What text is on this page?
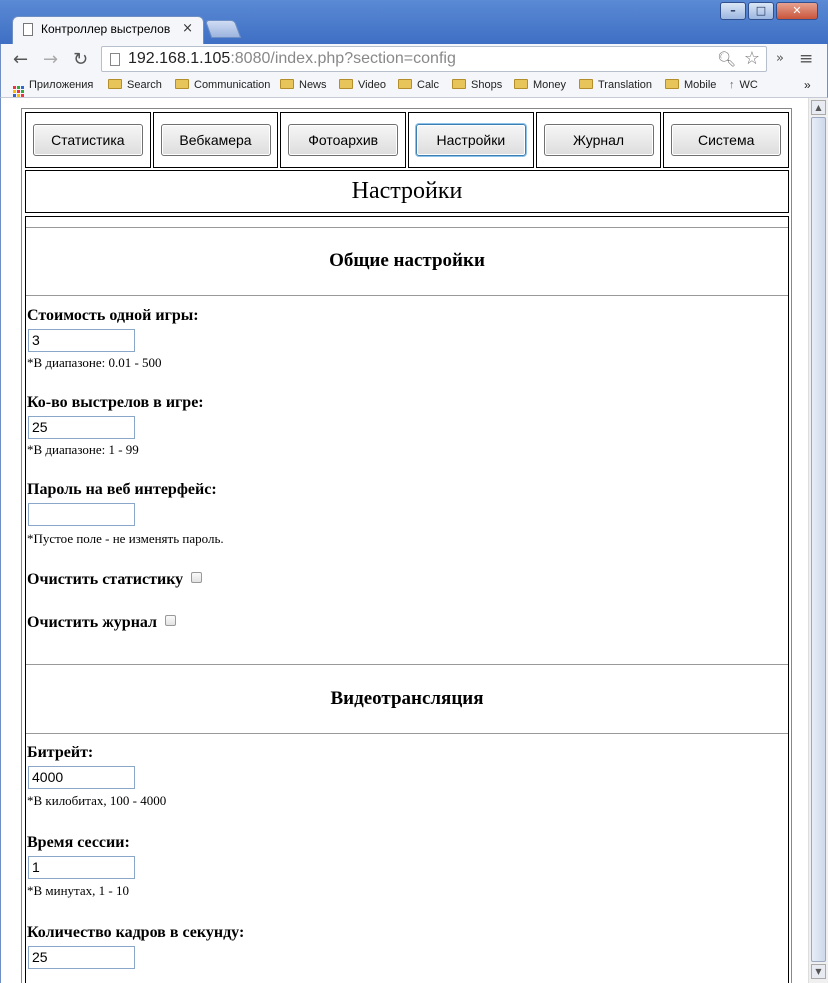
Контроллер выстрелов ×
–	□	✕
← → ↻ 192.168.1.105:8080/index.php?section=config	🔍︎ ☆ » ≡
Приложения	Search	Communication	News	Video	Calc	Shops	Money	Translation	Mobile ↑ WC	»
Статистика	Вебкамера	Фотоархив	Настройки	Журнал	Система
Настройки
Общие настройки
Стоимость одной игры:
3
*В диапазоне: 0.01 - 500
Ко-во выстрелов в игре:
25
*В диапазоне: 1 - 99
Пароль на веб интерфейс:
*Пустое поле - не изменять пароль.
Очистить статистику
Очистить журнал
Видеотрансляция
Битрейт:
4000
*В килобитах, 100 - 4000
Время сессии:
1
*В минутах, 1 - 10
Количество кадров в секунду:
25
▲
▼
